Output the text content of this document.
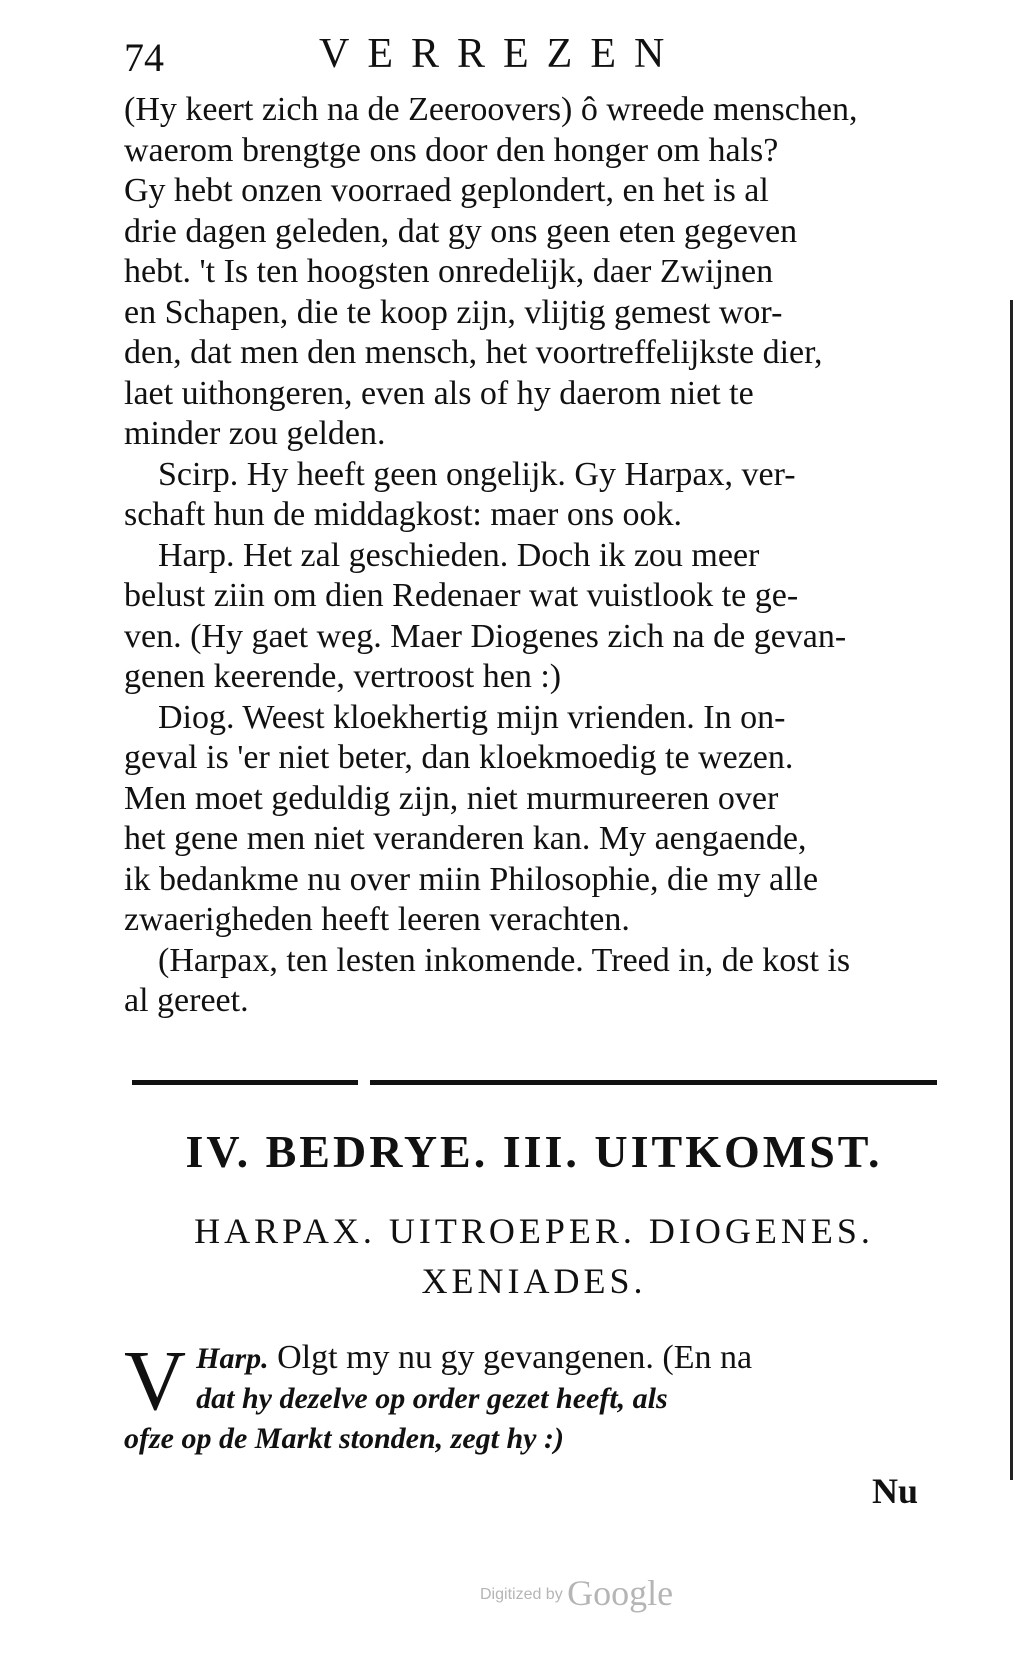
74	VERREZEN
(Hy keert zich na de Zeeroovers) ô wreede menschen,
waerom brengtge ons door den honger om hals?
Gy hebt onzen voorraed geplondert, en het is al
drie dagen geleden, dat gy ons geen eten gegeven
hebt. 't Is ten hoogsten onredelijk, daer Zwijnen
en Schapen, die te koop zijn, vlijtig gemest wor-
den, dat men den mensch, het voortreffelijkste dier,
laet uithongeren, even als of hy daerom niet te
minder zou gelden.
Scirp. Hy heeft geen ongelijk. Gy Harpax, ver-
schaft hun de middagkost: maer ons ook.
Harp. Het zal geschieden. Doch ik zou meer
belust ziin om dien Redenaer wat vuistlook te ge-
ven. (Hy gaet weg. Maer Diogenes zich na de gevan-
genen keerende, vertroost hen :)
Diog. Weest kloekhertig mijn vrienden. In on-
geval is 'er niet beter, dan kloekmoedig te wezen.
Men moet geduldig zijn, niet murmureeren over
het gene men niet veranderen kan. My aengaende,
ik bedankme nu over miin Philosophie, die my alle
zwaerigheden heeft leeren verachten.
(Harpax, ten lesten inkomende. Treed in, de kost is
al gereet.
IV. BEDRYE. III. UITKOMST.
HARPAX. UITROEPER. DIOGENES.
XENIADES.
V Harp. Olgt my nu gy gevangenen. (En na
dat hy dezelve op order gezet heeft, als
ofze op de Markt stonden, zegt hy :)
Nu
Digitized by Google
